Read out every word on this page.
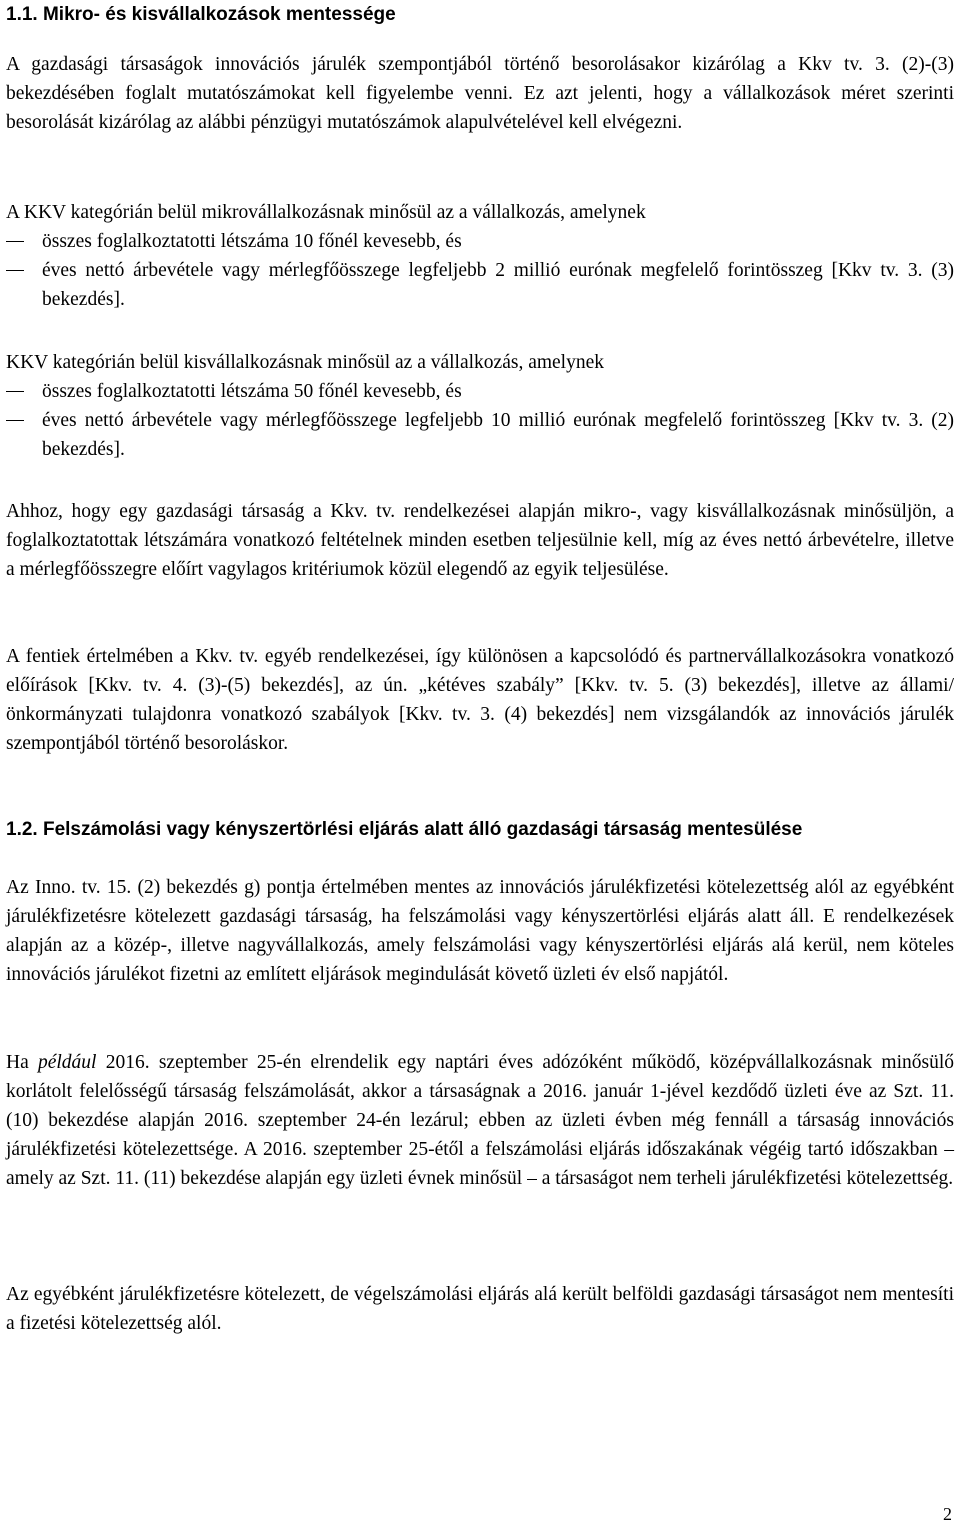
1.1. Mikro- és kisvállalkozások mentessége

A gazdasági társaságok innovációs járulék szempontjából történő besorolásakor kizárólag a Kkv tv. 3. (2)-(3) bekezdésében foglalt mutatószámokat kell figyelembe venni. Ez azt jelenti, hogy a vállalkozások méret szerinti besorolását kizárólag az alábbi pénzügyi mutatószámok alapulvételével kell elvégezni.

A KKV kategórián belül mikrovállalkozásnak minősül az a vállalkozás, amelynek

összes foglalkoztatotti létszáma 10 főnél kevesebb, és
éves nettó árbevétele vagy mérlegfőösszege legfeljebb 2 millió eurónak megfelelő forintösszeg [Kkv tv. 3. (3) bekezdés].

KKV kategórián belül kisvállalkozásnak minősül az a vállalkozás, amelynek

összes foglalkoztatotti létszáma 50 főnél kevesebb, és
éves nettó árbevétele vagy mérlegfőösszege legfeljebb 10 millió eurónak megfelelő forintösszeg [Kkv tv. 3. (2) bekezdés].

Ahhoz, hogy egy gazdasági társaság a Kkv. tv. rendelkezései alapján mikro-, vagy kisvállalkozásnak minősüljön, a foglalkoztatottak létszámára vonatkozó feltételnek minden esetben teljesülnie kell, míg az éves nettó árbevételre, illetve a mérlegfőösszegre előírt vagylagos kritériumok közül elegendő az egyik teljesülése.

A fentiek értelmében a Kkv. tv. egyéb rendelkezései, így különösen a kapcsolódó és partnervállalkozásokra vonatkozó előírások [Kkv. tv. 4. (3)-(5) bekezdés], az ún. „kétéves szabály” [Kkv. tv. 5. (3) bekezdés], illetve az állami/önkormányzati tulajdonra vonatkozó szabályok [Kkv. tv. 3. (4) bekezdés] nem vizsgálandók az innovációs járulék szempontjából történő besoroláskor.

1.2. Felszámolási vagy kényszertörlési eljárás alatt álló gazdasági társaság mentesülése

Az Inno. tv. 15. (2) bekezdés g) pontja értelmében mentes az innovációs járulékfizetési kötelezettség alól az egyébként járulékfizetésre kötelezett gazdasági társaság, ha felszámolási vagy kényszertörlési eljárás alatt áll. E rendelkezések alapján az a közép-, illetve nagyvállalkozás, amely felszámolási vagy kényszertörlési eljárás alá kerül, nem köteles innovációs járulékot fizetni az említett eljárások megindulását követő üzleti év első napjától.

Ha például 2016. szeptember 25-én elrendelik egy naptári éves adózóként működő, középvállalkozásnak minősülő korlátolt felelősségű társaság felszámolását, akkor a társaságnak a 2016. január 1-jével kezdődő üzleti éve az Szt. 11. (10) bekezdése alapján 2016. szeptember 24-én lezárul; ebben az üzleti évben még fennáll a társaság innovációs járulékfizetési kötelezettsége. A 2016. szeptember 25-étől a felszámolási eljárás időszakának végéig tartó időszakban – amely az Szt. 11. (11) bekezdése alapján egy üzleti évnek minősül – a társaságot nem terheli járulékfizetési kötelezettség.

Az egyébként járulékfizetésre kötelezett, de végelszámolási eljárás alá került belföldi gazdasági társaságot nem mentesíti a fizetési kötelezettség alól.

2
